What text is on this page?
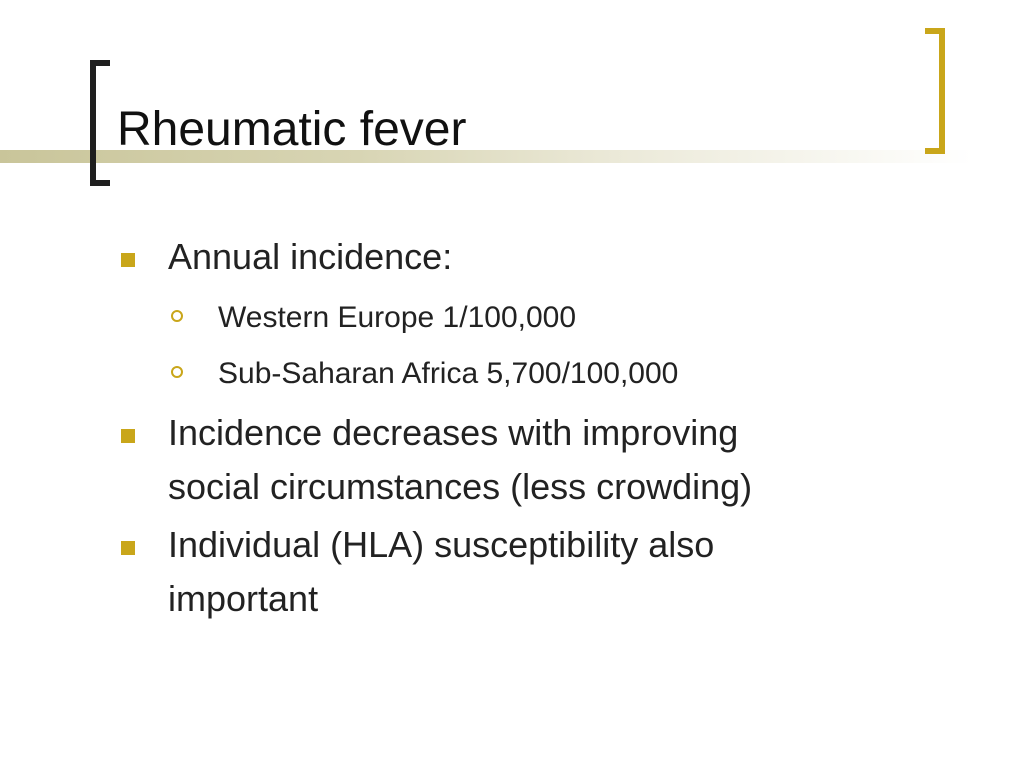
Rheumatic fever
Annual incidence:
Western Europe 1/100,000
Sub-Saharan Africa 5,700/100,000
Incidence decreases with improving
social circumstances (less crowding)
Individual (HLA) susceptibility also
important
